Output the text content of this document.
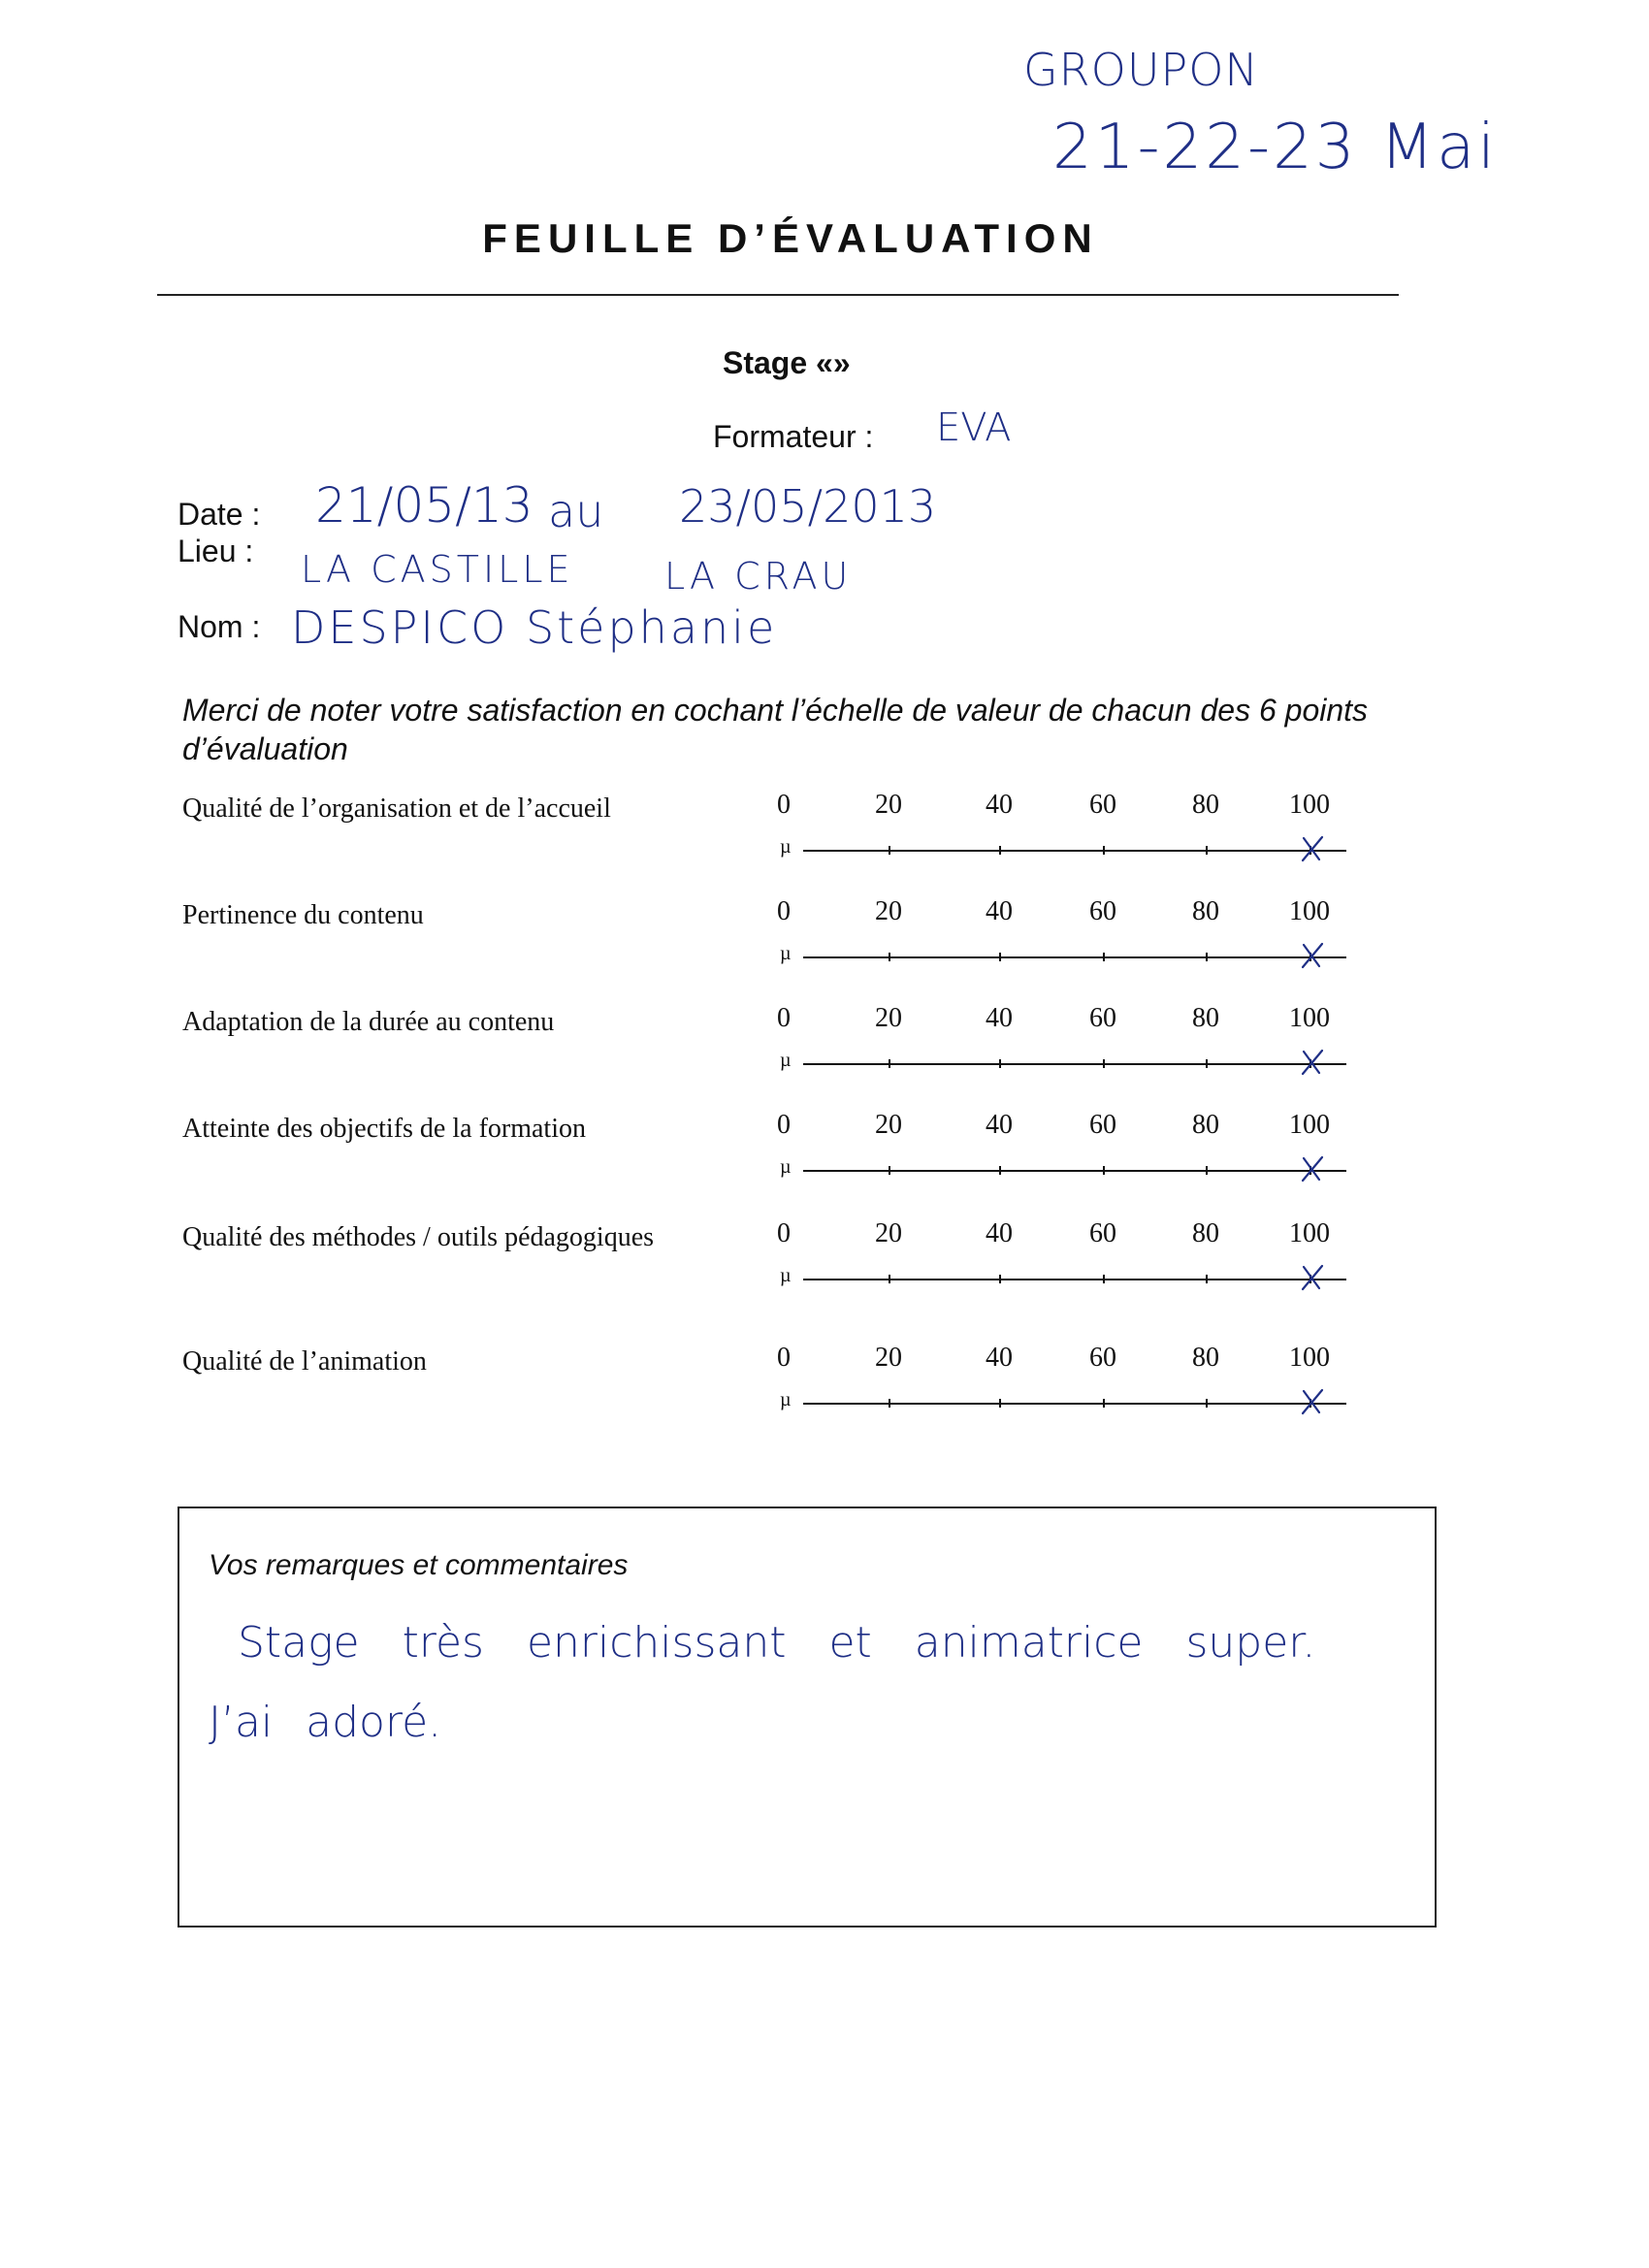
GROUPON
21-22-23 Mai
FEUILLE D’ÉVALUATION
Stage «»
Formateur : EVA
Date : 21/05/13 au 23/05/2013
Lieu : LA CASTILLE LA CRAU
Nom : DESPICO Stéphanie
Merci de noter votre satisfaction en cochant l’échelle de valeur de chacun des 6 points d’évaluation
Qualité de l’organisation et de l’accueil	0	20	40	60	80	100
µ
Pertinence du contenu	0	20	40	60	80	100
µ
Adaptation de la durée au contenu	0	20	40	60	80	100
µ
Atteinte des objectifs de la formation	0	20	40	60	80	100
µ
Qualité des méthodes / outils pédagogiques	0	20	40	60	80	100
µ
Qualité de l’animation	0	20	40	60	80	100
µ
Vos remarques et commentaires
Stage très enrichissant et animatrice super.
J’ai adoré.
